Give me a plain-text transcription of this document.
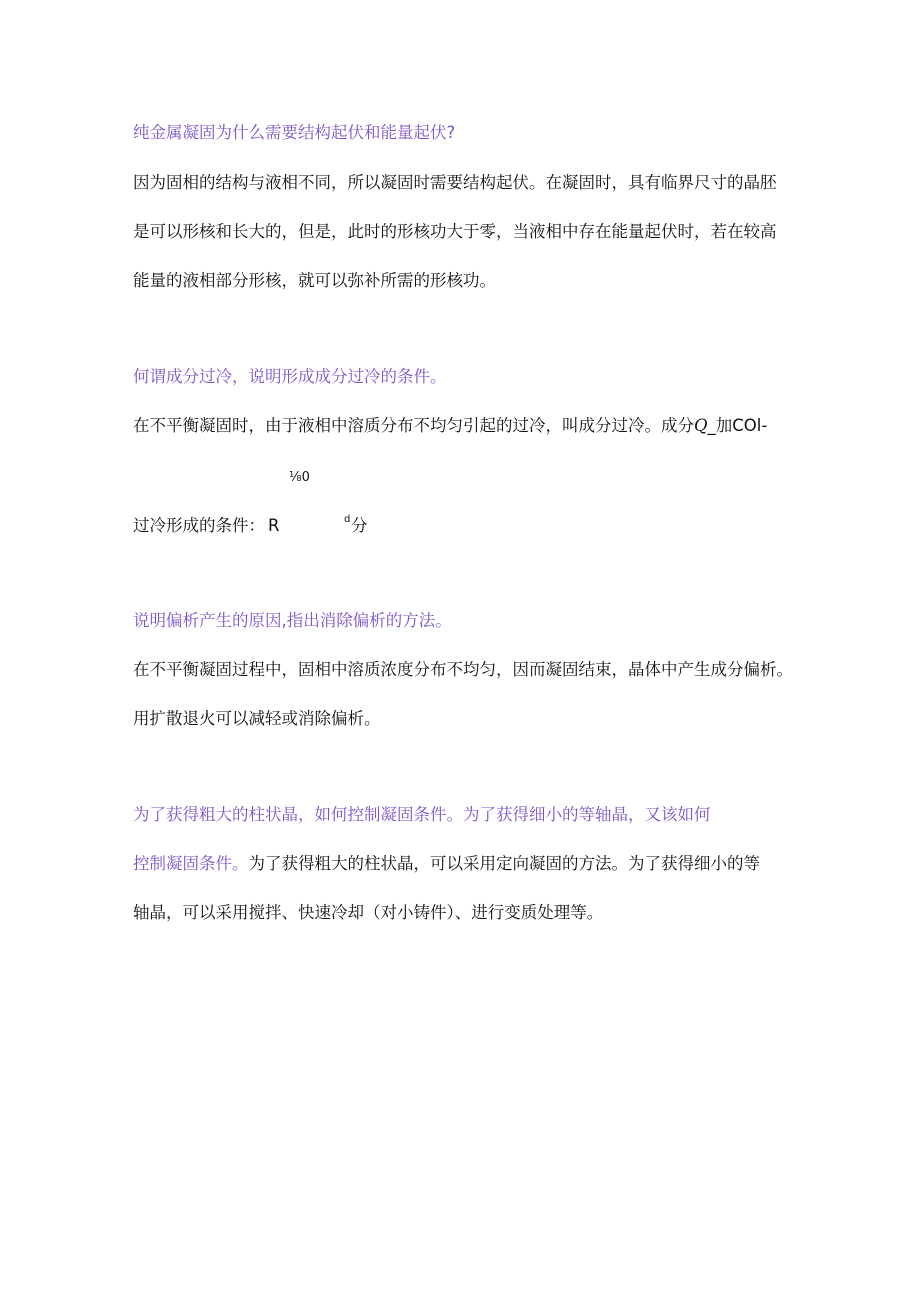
纯金属凝固为什么需要结构起伏和能量起伏?
因为固相的结构与液相不同，所以凝固时需要结构起伏。在凝固时，具有临界尺寸的晶胚
是可以形核和长大的，但是，此时的形核功大于零，当液相中存在能量起伏时，若在较高
能量的液相部分形核，就可以弥补所需的形核功。
何谓成分过冷，说明形成成分过冷的条件。
在不平衡凝固时，由于液相中溶质分布不均匀引起的过冷，叫成分过冷。成分Q_加COl-
⅛0
过冷形成的条件： R	d 分
说明偏析产生的原因,指出消除偏析的方法。
在不平衡凝固过程中，固相中溶质浓度分布不均匀，因而凝固结束，晶体中产生成分偏析。
用扩散退火可以减轻或消除偏析。
为了获得粗大的柱状晶，如何控制凝固条件。为了获得细小的等轴晶，又该如何
控制凝固条件。为了获得粗大的柱状晶，可以采用定向凝固的方法。为了获得细小的等
轴晶，可以采用搅拌、快速冷却（对小铸件）、进行变质处理等。
